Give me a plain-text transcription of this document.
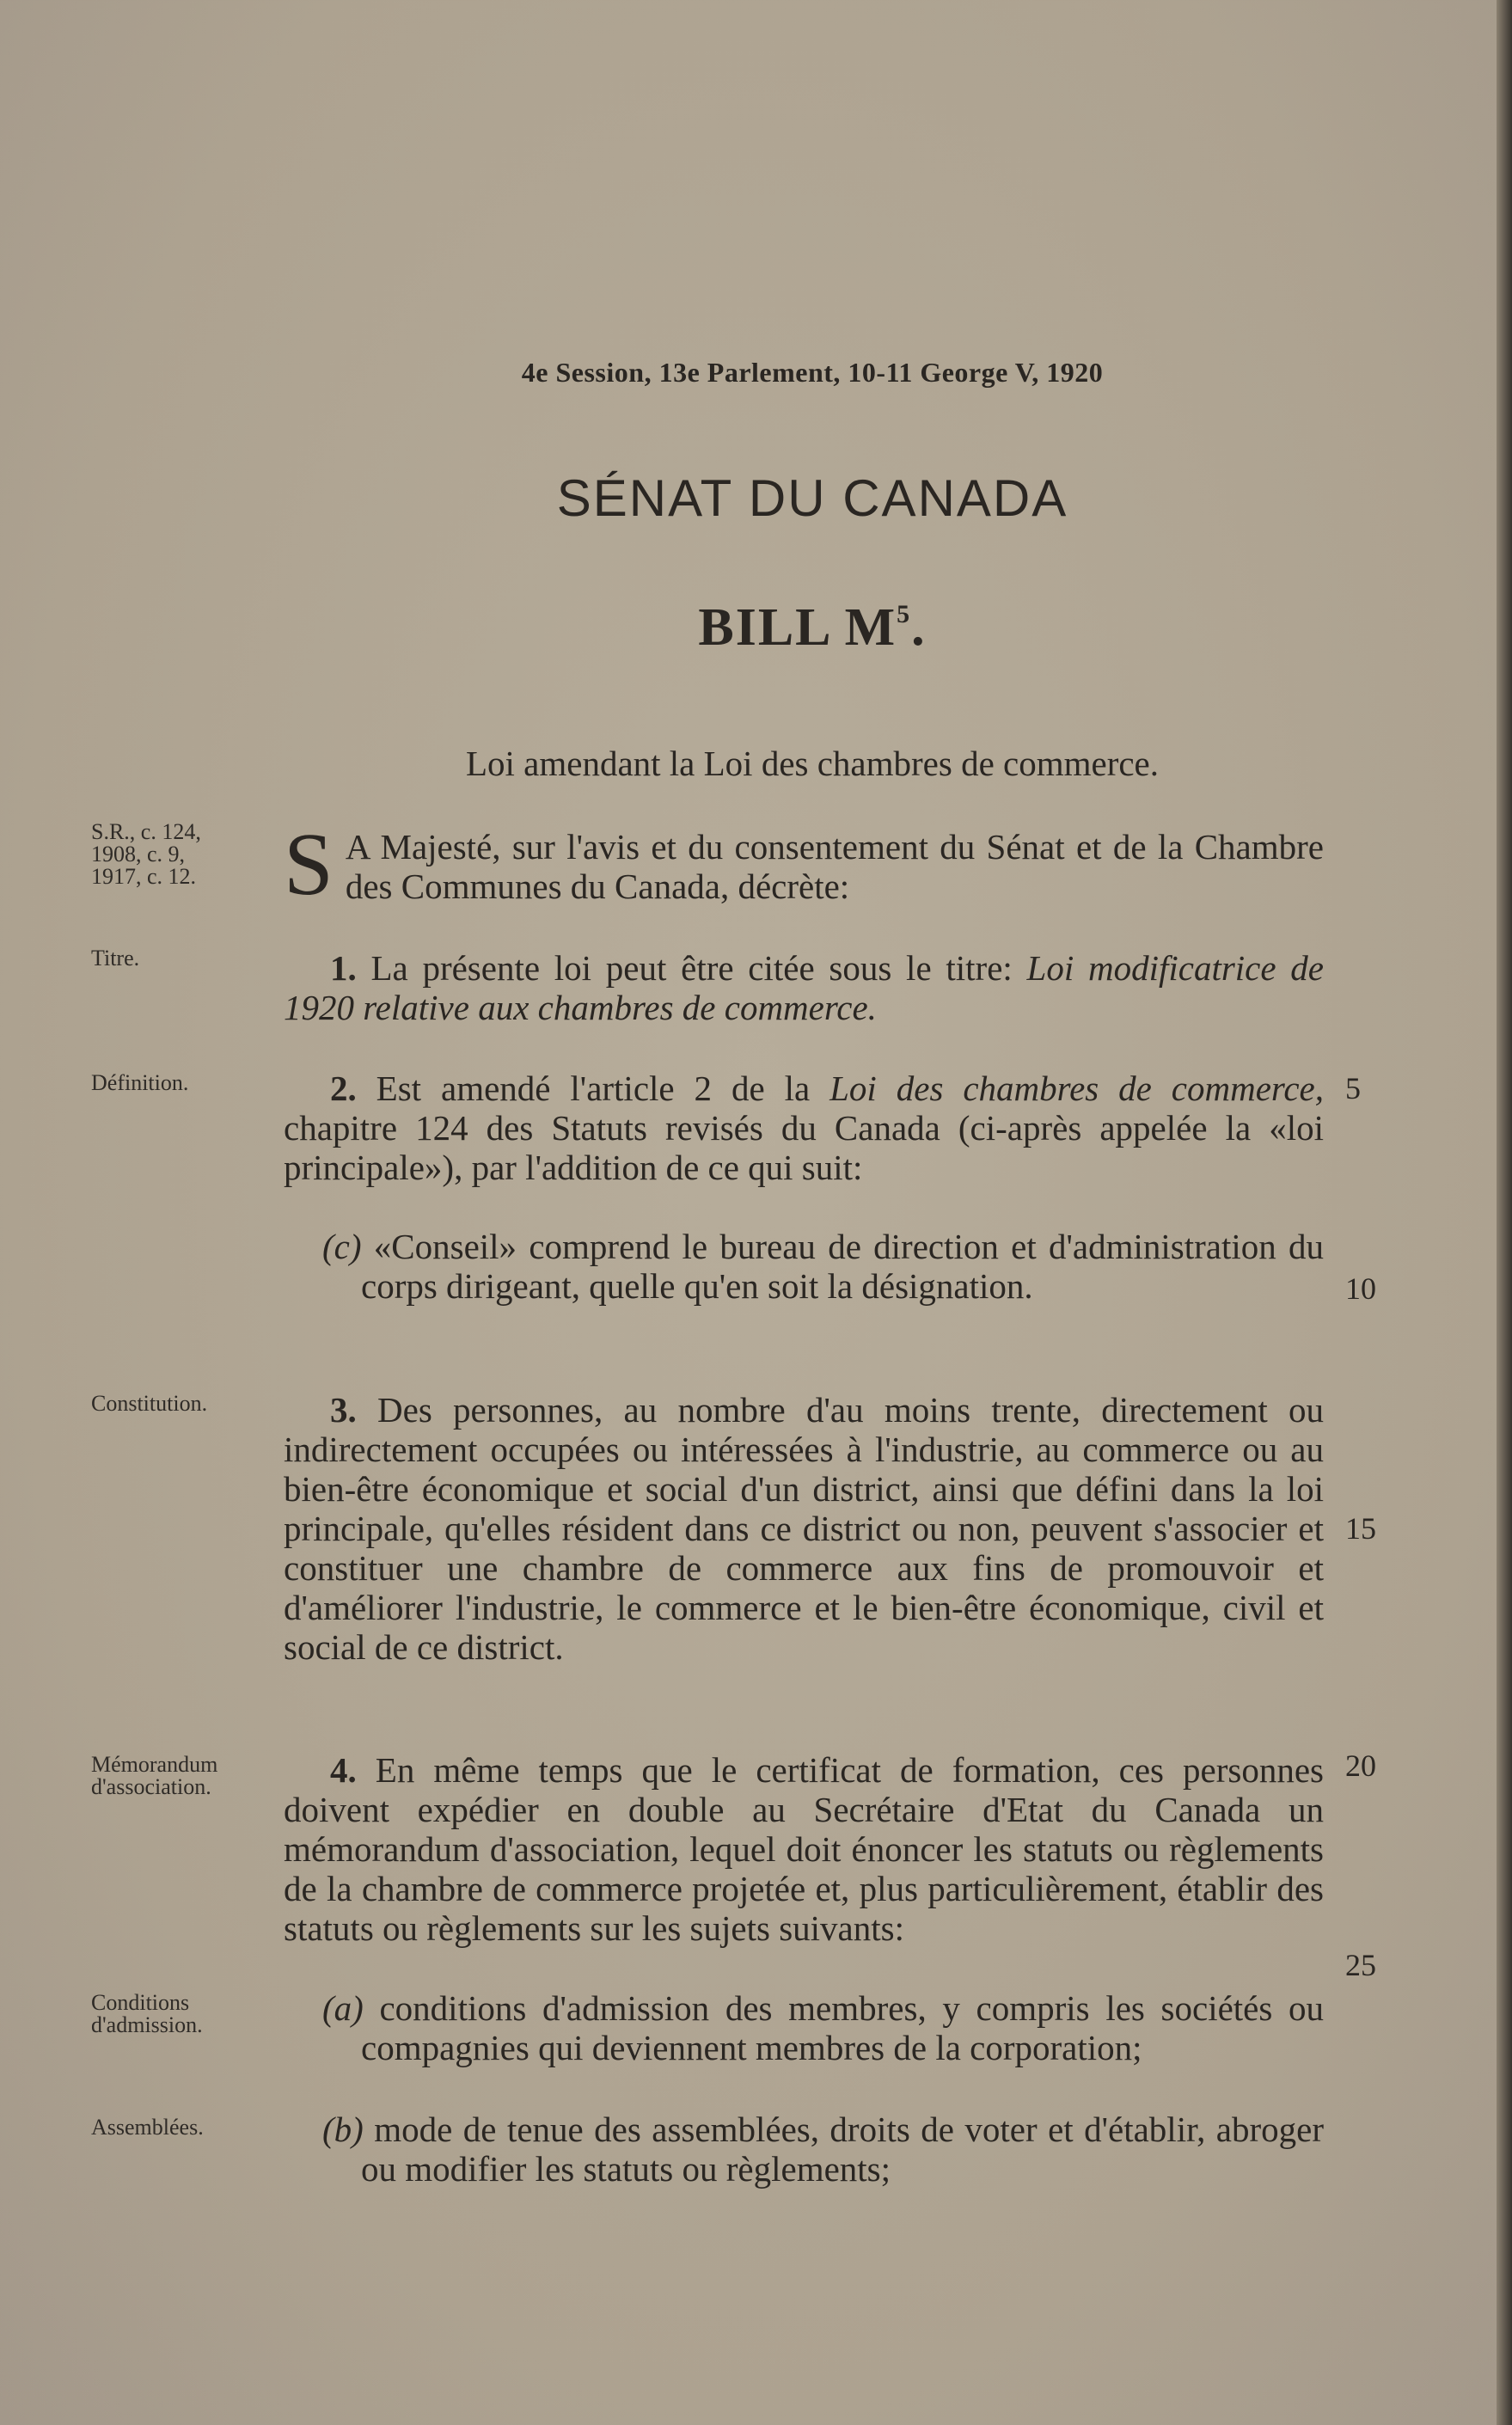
4e Session, 13e Parlement, 10-11 George V, 1920
SÉNAT DU CANADA
BILL $M^5$.
Loi amendant la Loi des chambres de commerce.
S.R., c. 124,
1908, c. 9,
1917, c. 12.
Titre.
Définition.
Constitution.
Mémorandum
d'association.
Conditions
d'admission.
Assemblées.
5
10
15
20
25
S A Majesté, sur l'avis et du consentement du Sénat et de la Chambre des Communes du Canada, décrète:
1. La présente loi peut être citée sous le titre: Loi modificatrice de 1920 relative aux chambres de commerce.
2. Est amendé l'article 2 de la Loi des chambres de commerce, chapitre 124 des Statuts revisés du Canada (ci-après appelée la «loi principale»), par l'addition de ce qui suit:
(c) «Conseil» comprend le bureau de direction et d'administration du corps dirigeant, quelle qu'en soit la désignation.
3. Des personnes, au nombre d'au moins trente, directement ou indirectement occupées ou intéressées à l'industrie, au commerce ou au bien-être économique et social d'un district, ainsi que défini dans la loi principale, qu'elles résident dans ce district ou non, peuvent s'associer et constituer une chambre de commerce aux fins de promouvoir et d'améliorer l'industrie, le commerce et le bien-être économique, civil et social de ce district.
4. En même temps que le certificat de formation, ces personnes doivent expédier en double au Secrétaire d'Etat du Canada un mémorandum d'association, lequel doit énoncer les statuts ou règlements de la chambre de commerce projetée et, plus particulièrement, établir des statuts ou règlements sur les sujets suivants:
(a) conditions d'admission des membres, y compris les sociétés ou compagnies qui deviennent membres de la corporation;
(b) mode de tenue des assemblées, droits de voter et d'établir, abroger ou modifier les statuts ou règlements;
